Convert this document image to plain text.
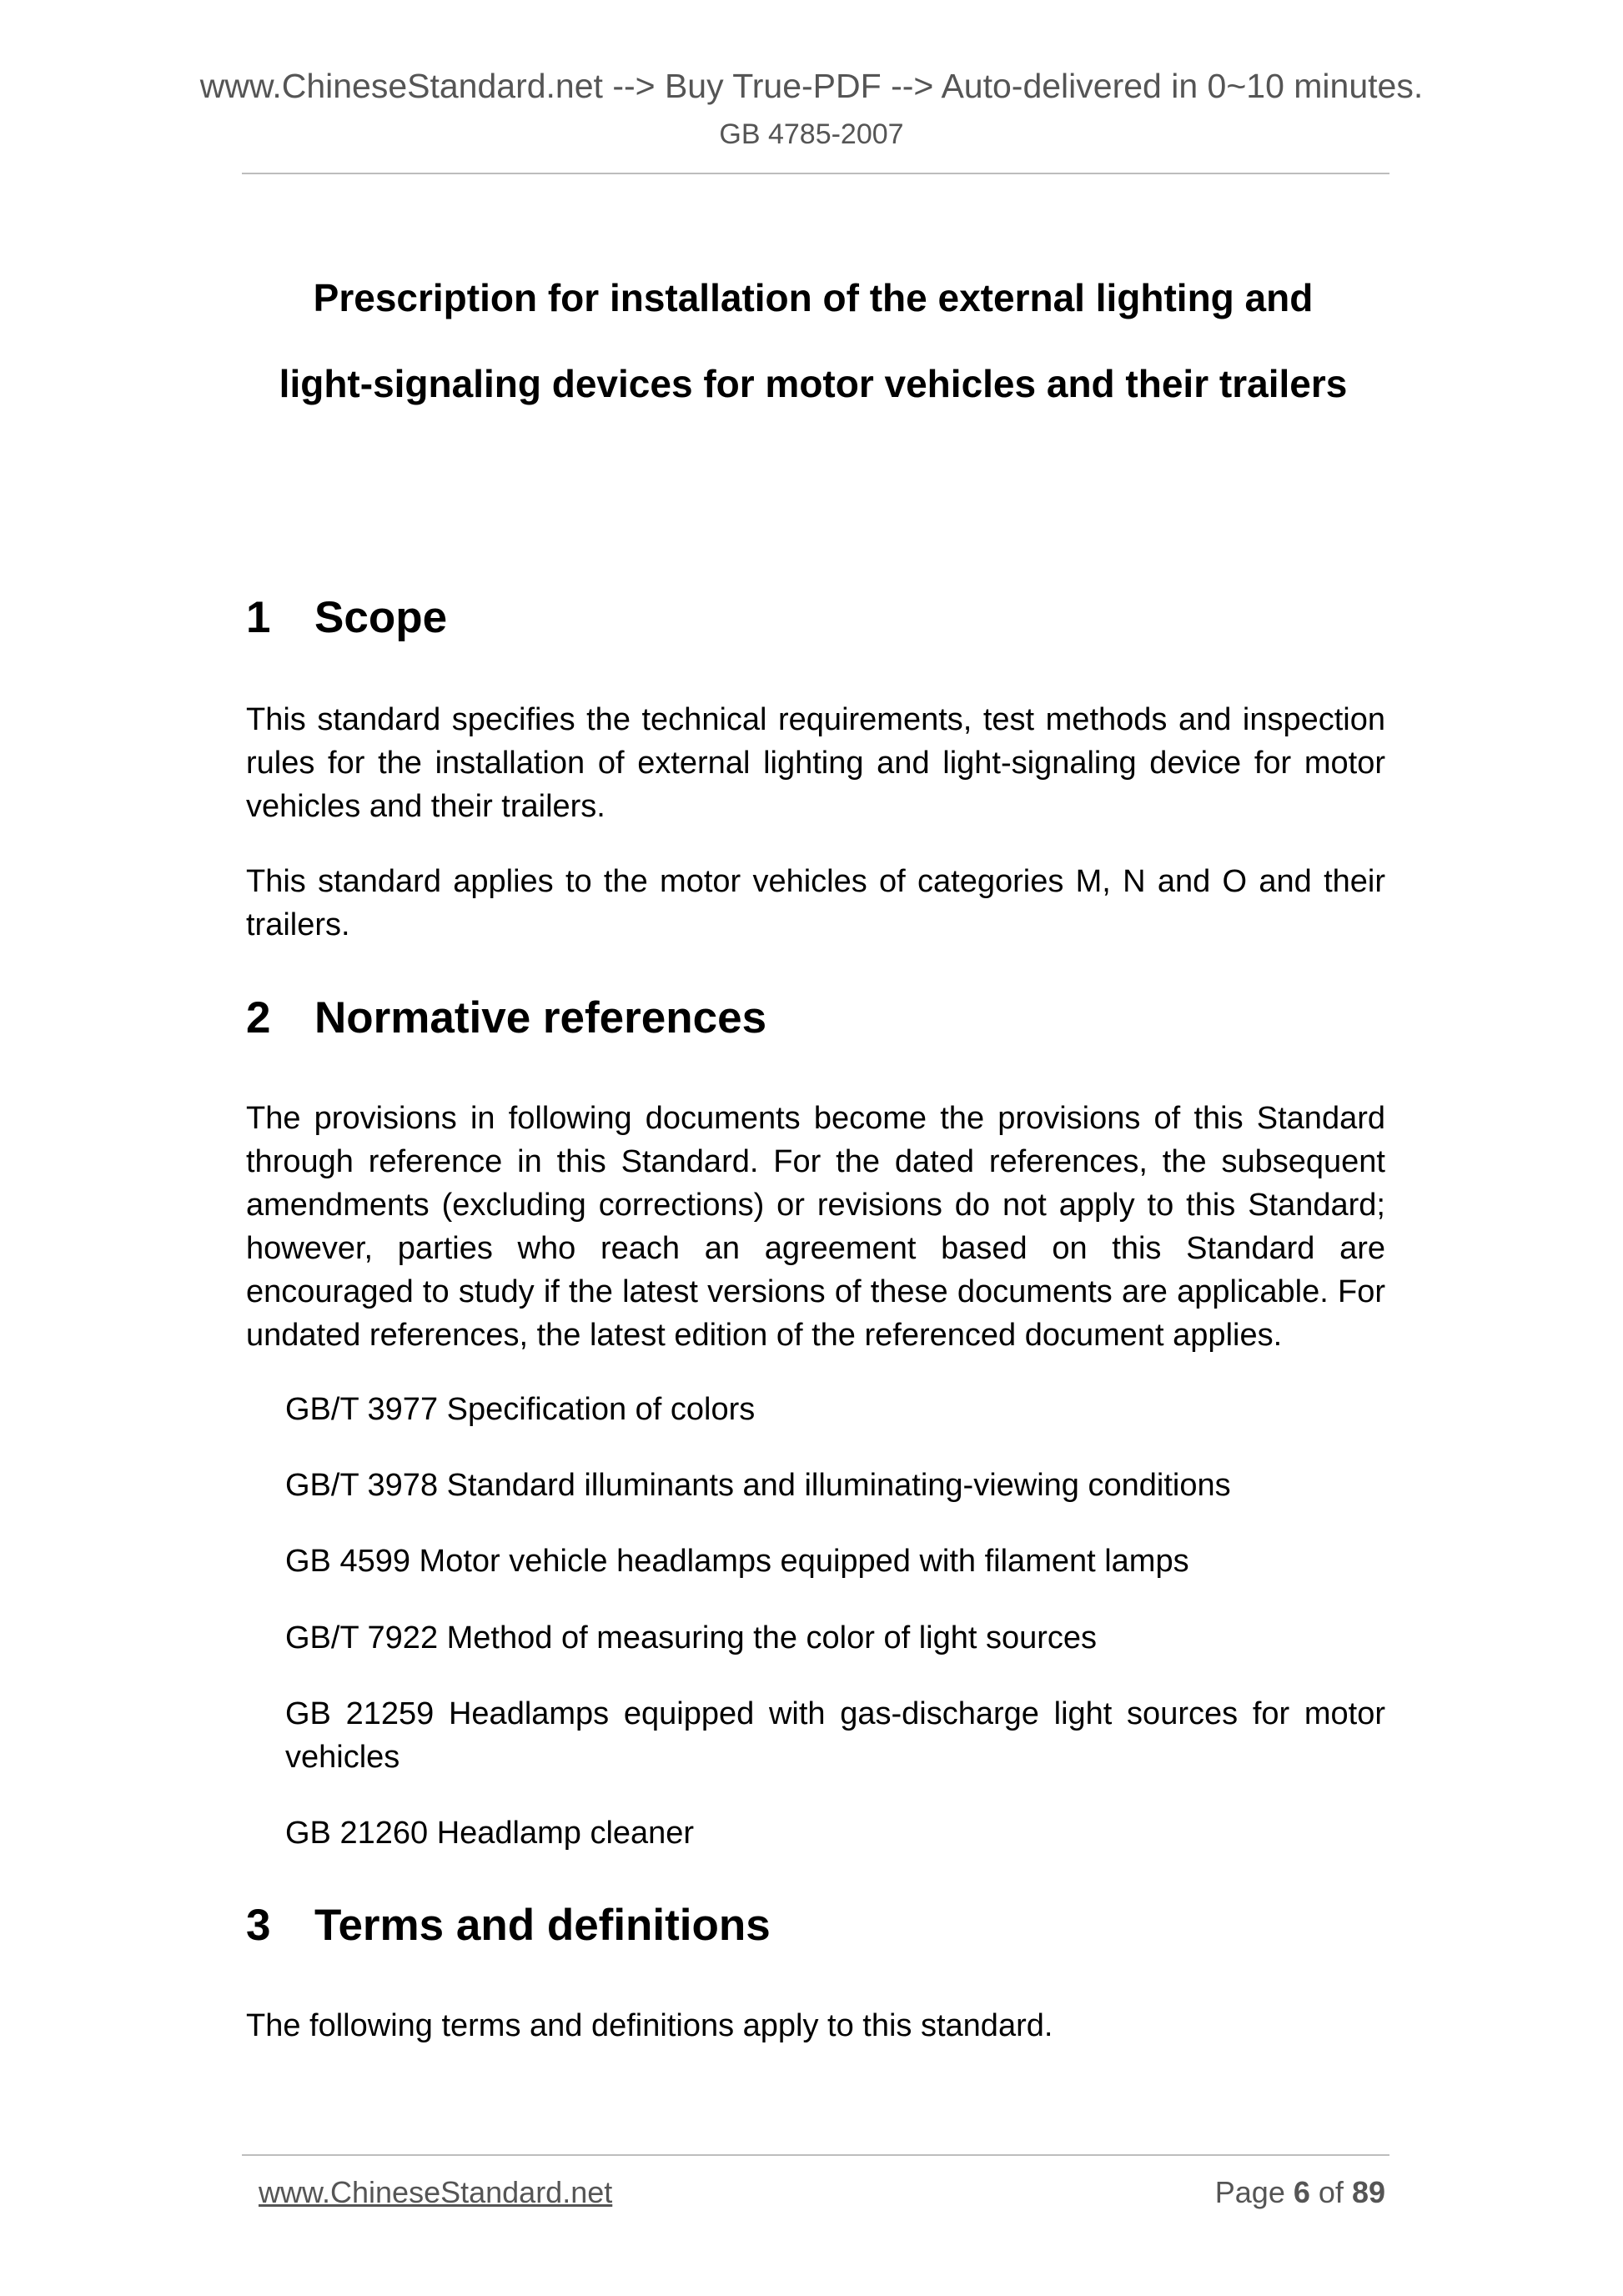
www.ChineseStandard.net --> Buy True-PDF --> Auto-delivered in 0~10 minutes.
GB 4785-2007
Prescription for installation of the external lighting and
light-signaling devices for motor vehicles and their trailers
1 Scope

This standard specifies the technical requirements, test methods and inspection rules for the installation of external lighting and light-signaling device for motor vehicles and their trailers.

This standard applies to the motor vehicles of categories M, N and O and their trailers.

2 Normative references

The provisions in following documents become the provisions of this Standard through reference in this Standard. For the dated references, the subsequent amendments (excluding corrections) or revisions do not apply to this Standard; however, parties who reach an agreement based on this Standard are encouraged to study if the latest versions of these documents are applicable. For undated references, the latest edition of the referenced document applies.

GB/T 3977 Specification of colors

GB/T 3978 Standard illuminants and illuminating-viewing conditions

GB 4599 Motor vehicle headlamps equipped with filament lamps

GB/T 7922 Method of measuring the color of light sources

GB 21259 Headlamps equipped with gas-discharge light sources for motor vehicles

GB 21260 Headlamp cleaner

3 Terms and definitions

The following terms and definitions apply to this standard.

www.ChineseStandard.net	Page 6 of 89
